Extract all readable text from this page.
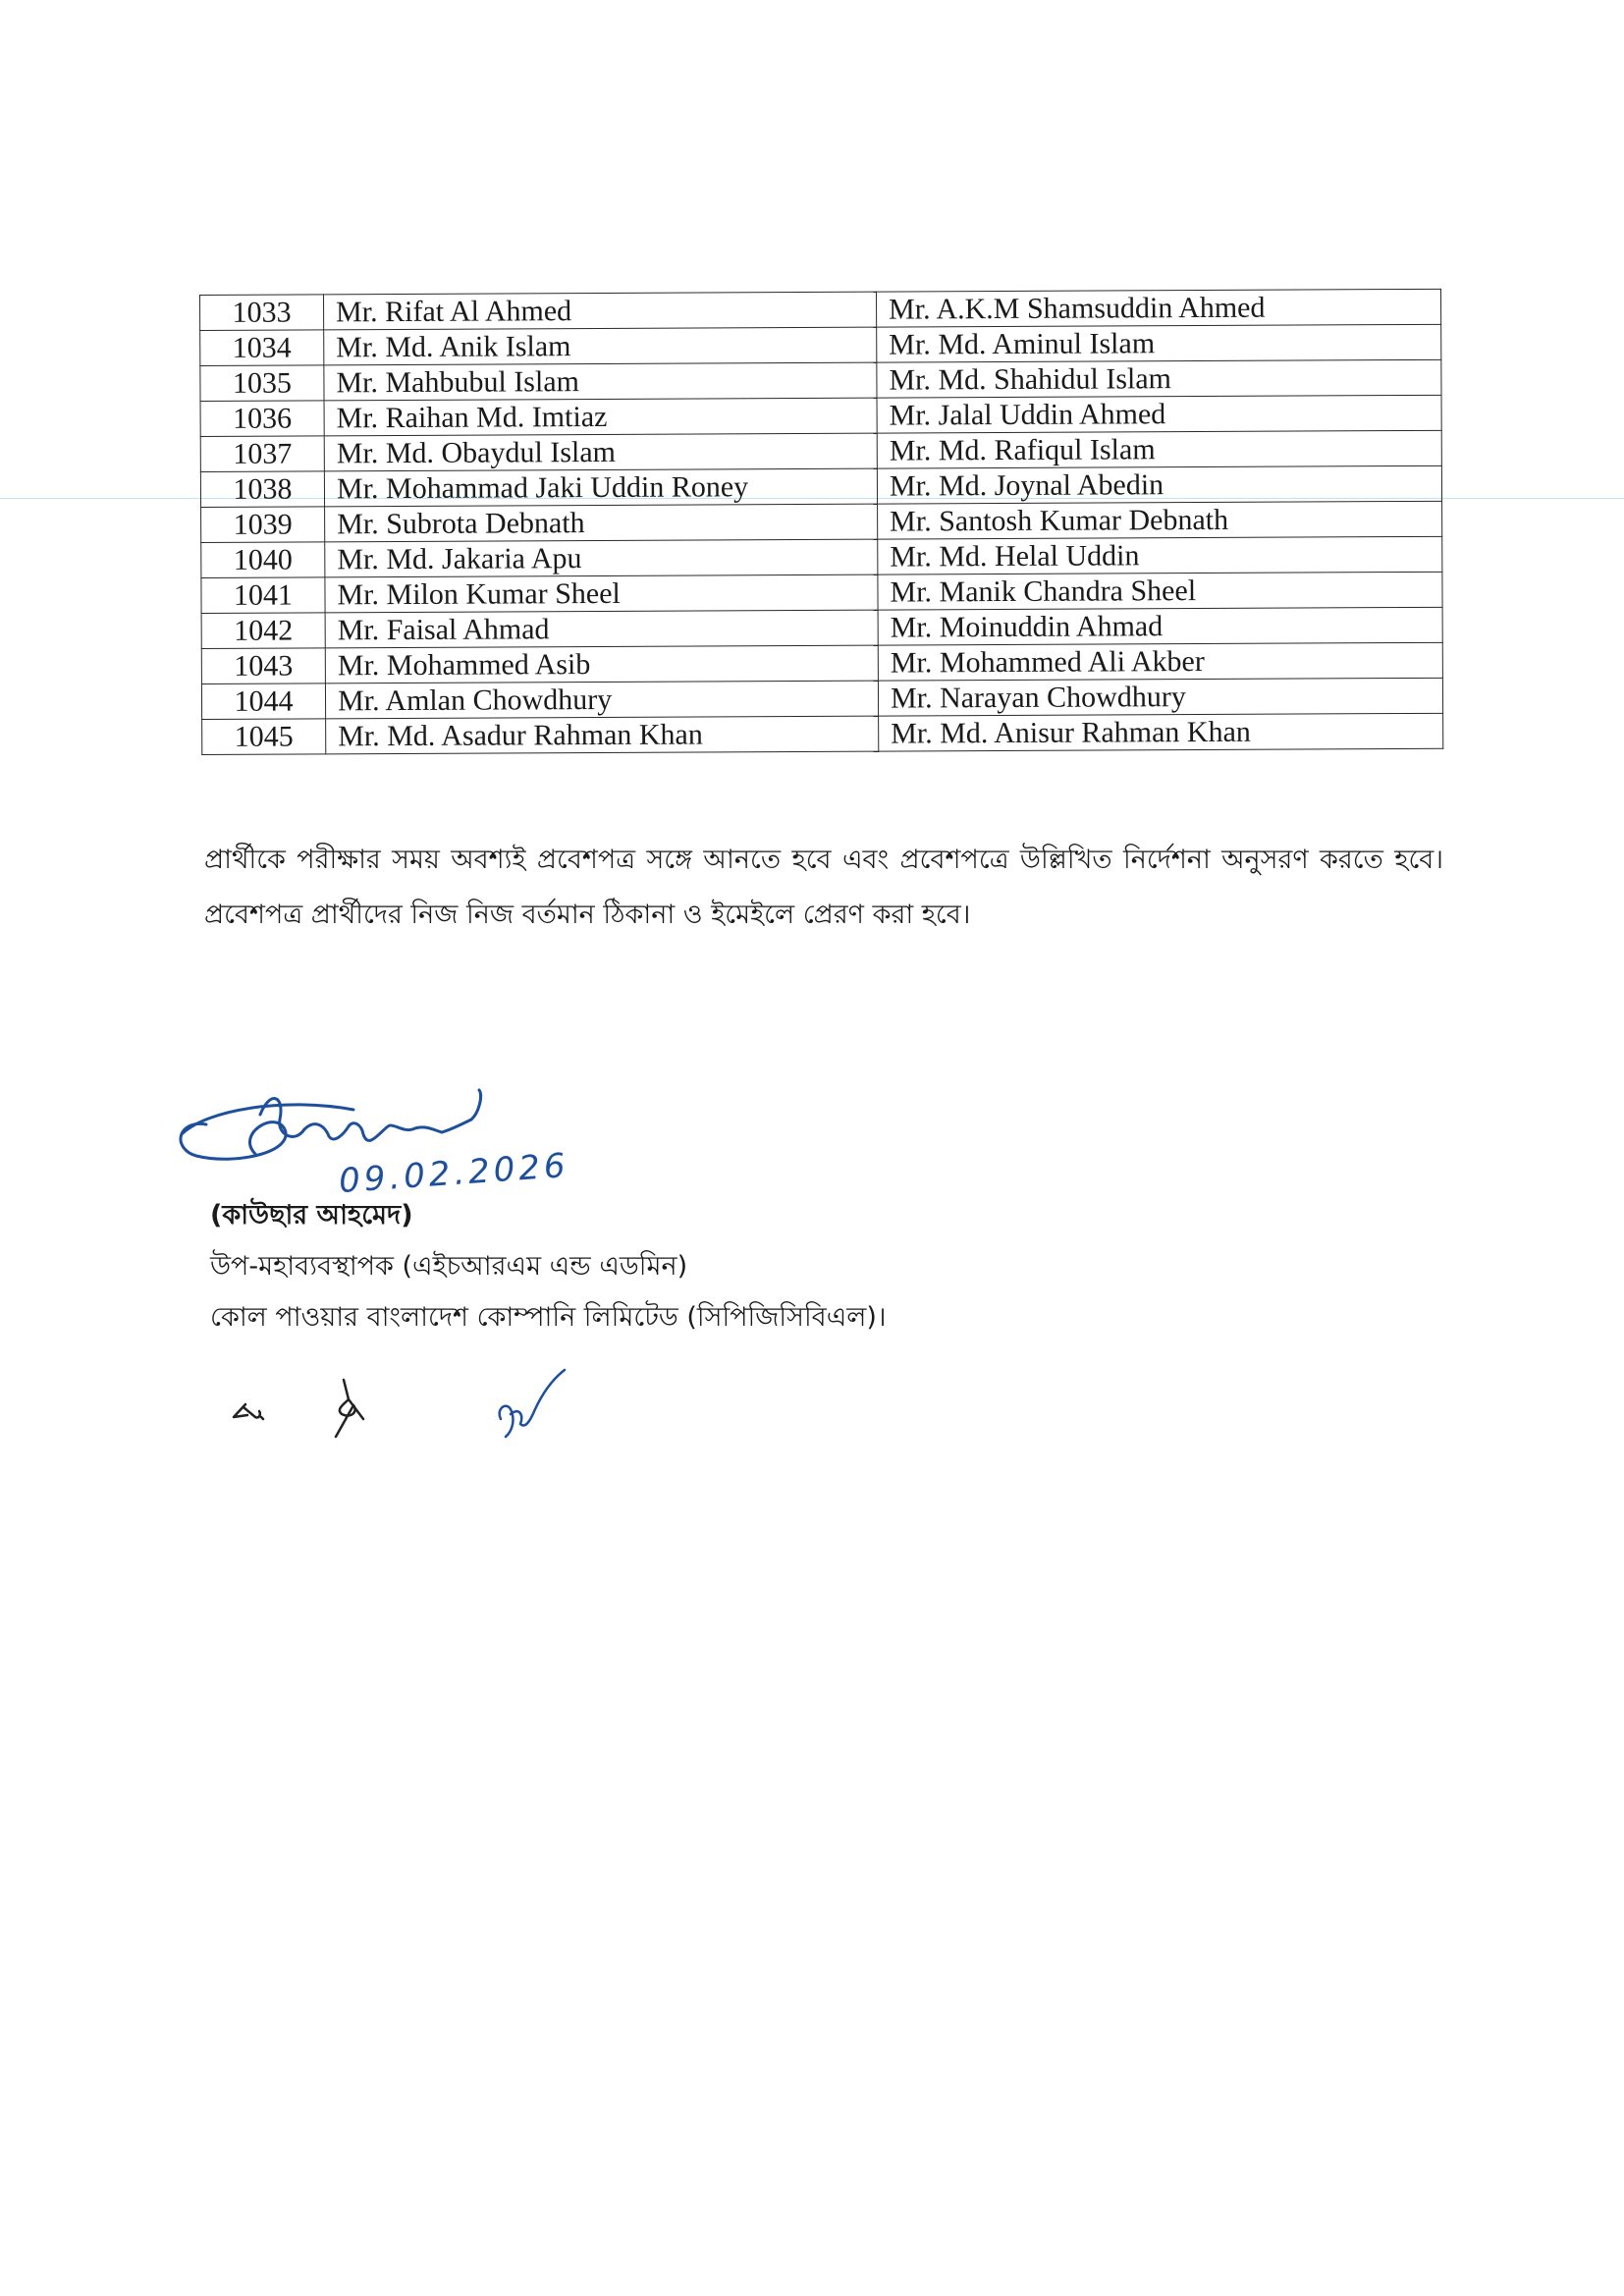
1033	Mr. Rifat Al Ahmed	Mr. A.K.M Shamsuddin Ahmed
1034	Mr. Md. Anik Islam	Mr. Md. Aminul Islam
1035	Mr. Mahbubul Islam	Mr. Md. Shahidul Islam
1036	Mr. Raihan Md. Imtiaz	Mr. Jalal Uddin Ahmed
1037	Mr. Md. Obaydul Islam	Mr. Md. Rafiqul Islam
1038	Mr. Mohammad Jaki Uddin Roney	Mr. Md. Joynal Abedin
1039	Mr. Subrota Debnath	Mr. Santosh Kumar Debnath
1040	Mr. Md. Jakaria Apu	Mr. Md. Helal Uddin
1041	Mr. Milon Kumar Sheel	Mr. Manik Chandra Sheel
1042	Mr. Faisal Ahmad	Mr. Moinuddin Ahmad
1043	Mr. Mohammed Asib	Mr. Mohammed Ali Akber
1044	Mr. Amlan Chowdhury	Mr. Narayan Chowdhury
1045	Mr. Md. Asadur Rahman Khan	Mr. Md. Anisur Rahman Khan

প্রার্থীকে পরীক্ষার সময় অবশ্যই প্রবেশপত্র সঙ্গে আনতে হবে এবং প্রবেশপত্রে উল্লিখিত নির্দেশনা অনুসরণ করতে হবে। প্রবেশপত্র প্রার্থীদের নিজ নিজ বর্তমান ঠিকানা ও ইমেইলে প্রেরণ করা হবে।

09.02.2026
(কাউছার আহমেদ)
উপ-মহাব্যবস্থাপক (এইচআরএম এন্ড এডমিন)
কোল পাওয়ার বাংলাদেশ কোম্পানি লিমিটেড (সিপিজিসিবিএল)।
